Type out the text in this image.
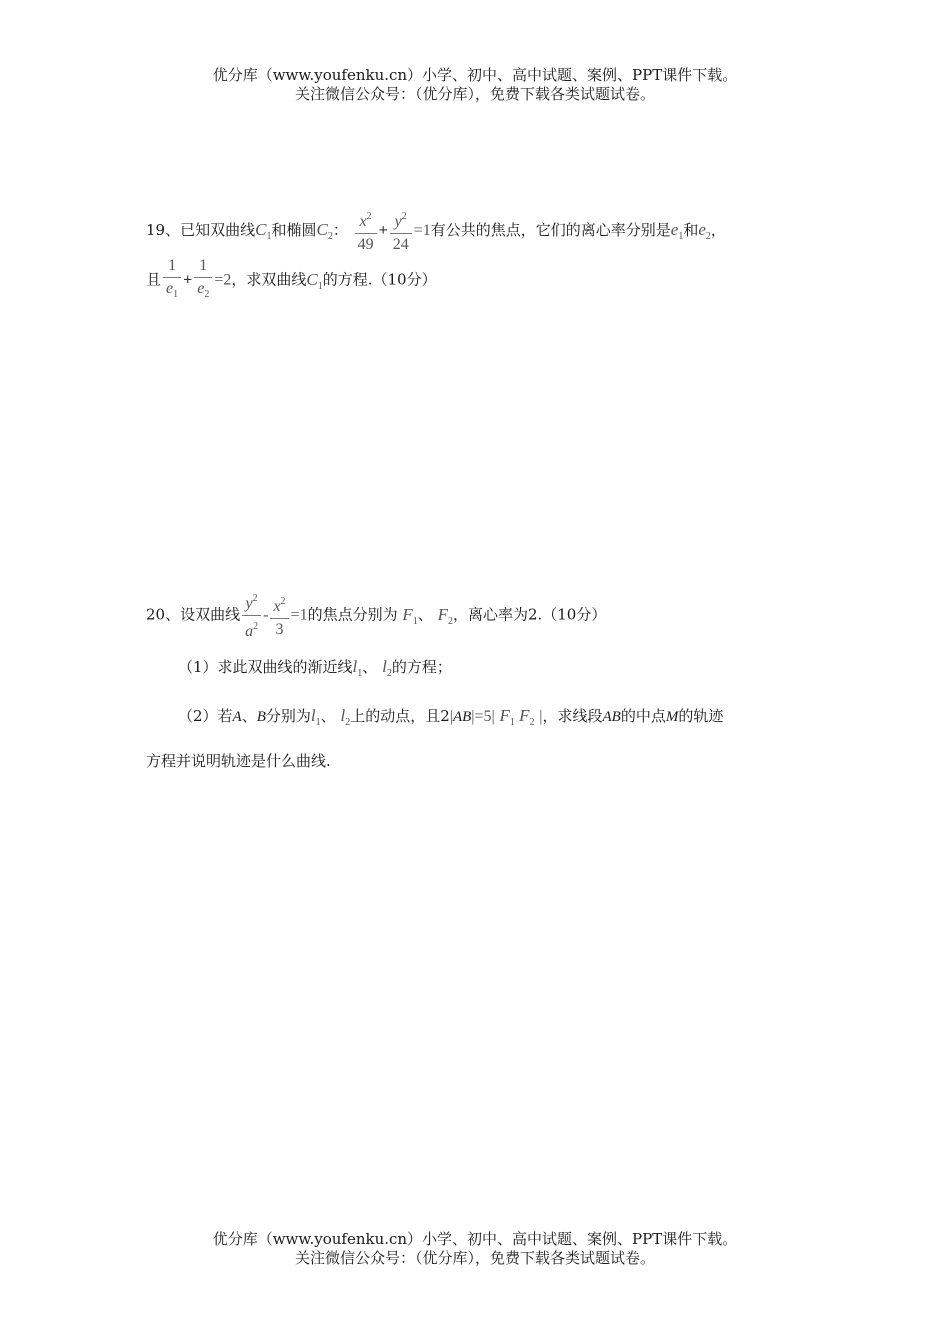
优分库（www.youfenku.cn）小学、初中、高中试题、案例、PPT课件下载。
关注微信公众号：（优分库），免费下载各类试题试卷。
19、已知双曲线$C_1$和椭圆$C_2$： $\frac{x^2}{49} + \frac{y^2}{24} =1$有公共的焦点，它们的离心率分别是$e_1$和$e_2$，
且 $\frac{1}{e_1} + \frac{1}{e_2} =2$，求双曲线$C_1$的方程.（10分）
20、设双曲线 $\frac{y^2}{a^2} - \frac{x^2}{3} =1$的焦点分别为 $F_1$、 $F_2$，离心率为2.（10分）
（1）求此双曲线的渐近线$l_1$、 $l_2$的方程；
（2）若A、B分别为$l_1$、 $l_2$上的动点，且2|AB|=5| $F_1$ $F_2$ |，求线段AB的中点M的轨迹
方程并说明轨迹是什么曲线.
优分库（www.youfenku.cn）小学、初中、高中试题、案例、PPT课件下载。
关注微信公众号：（优分库），免费下载各类试题试卷。
